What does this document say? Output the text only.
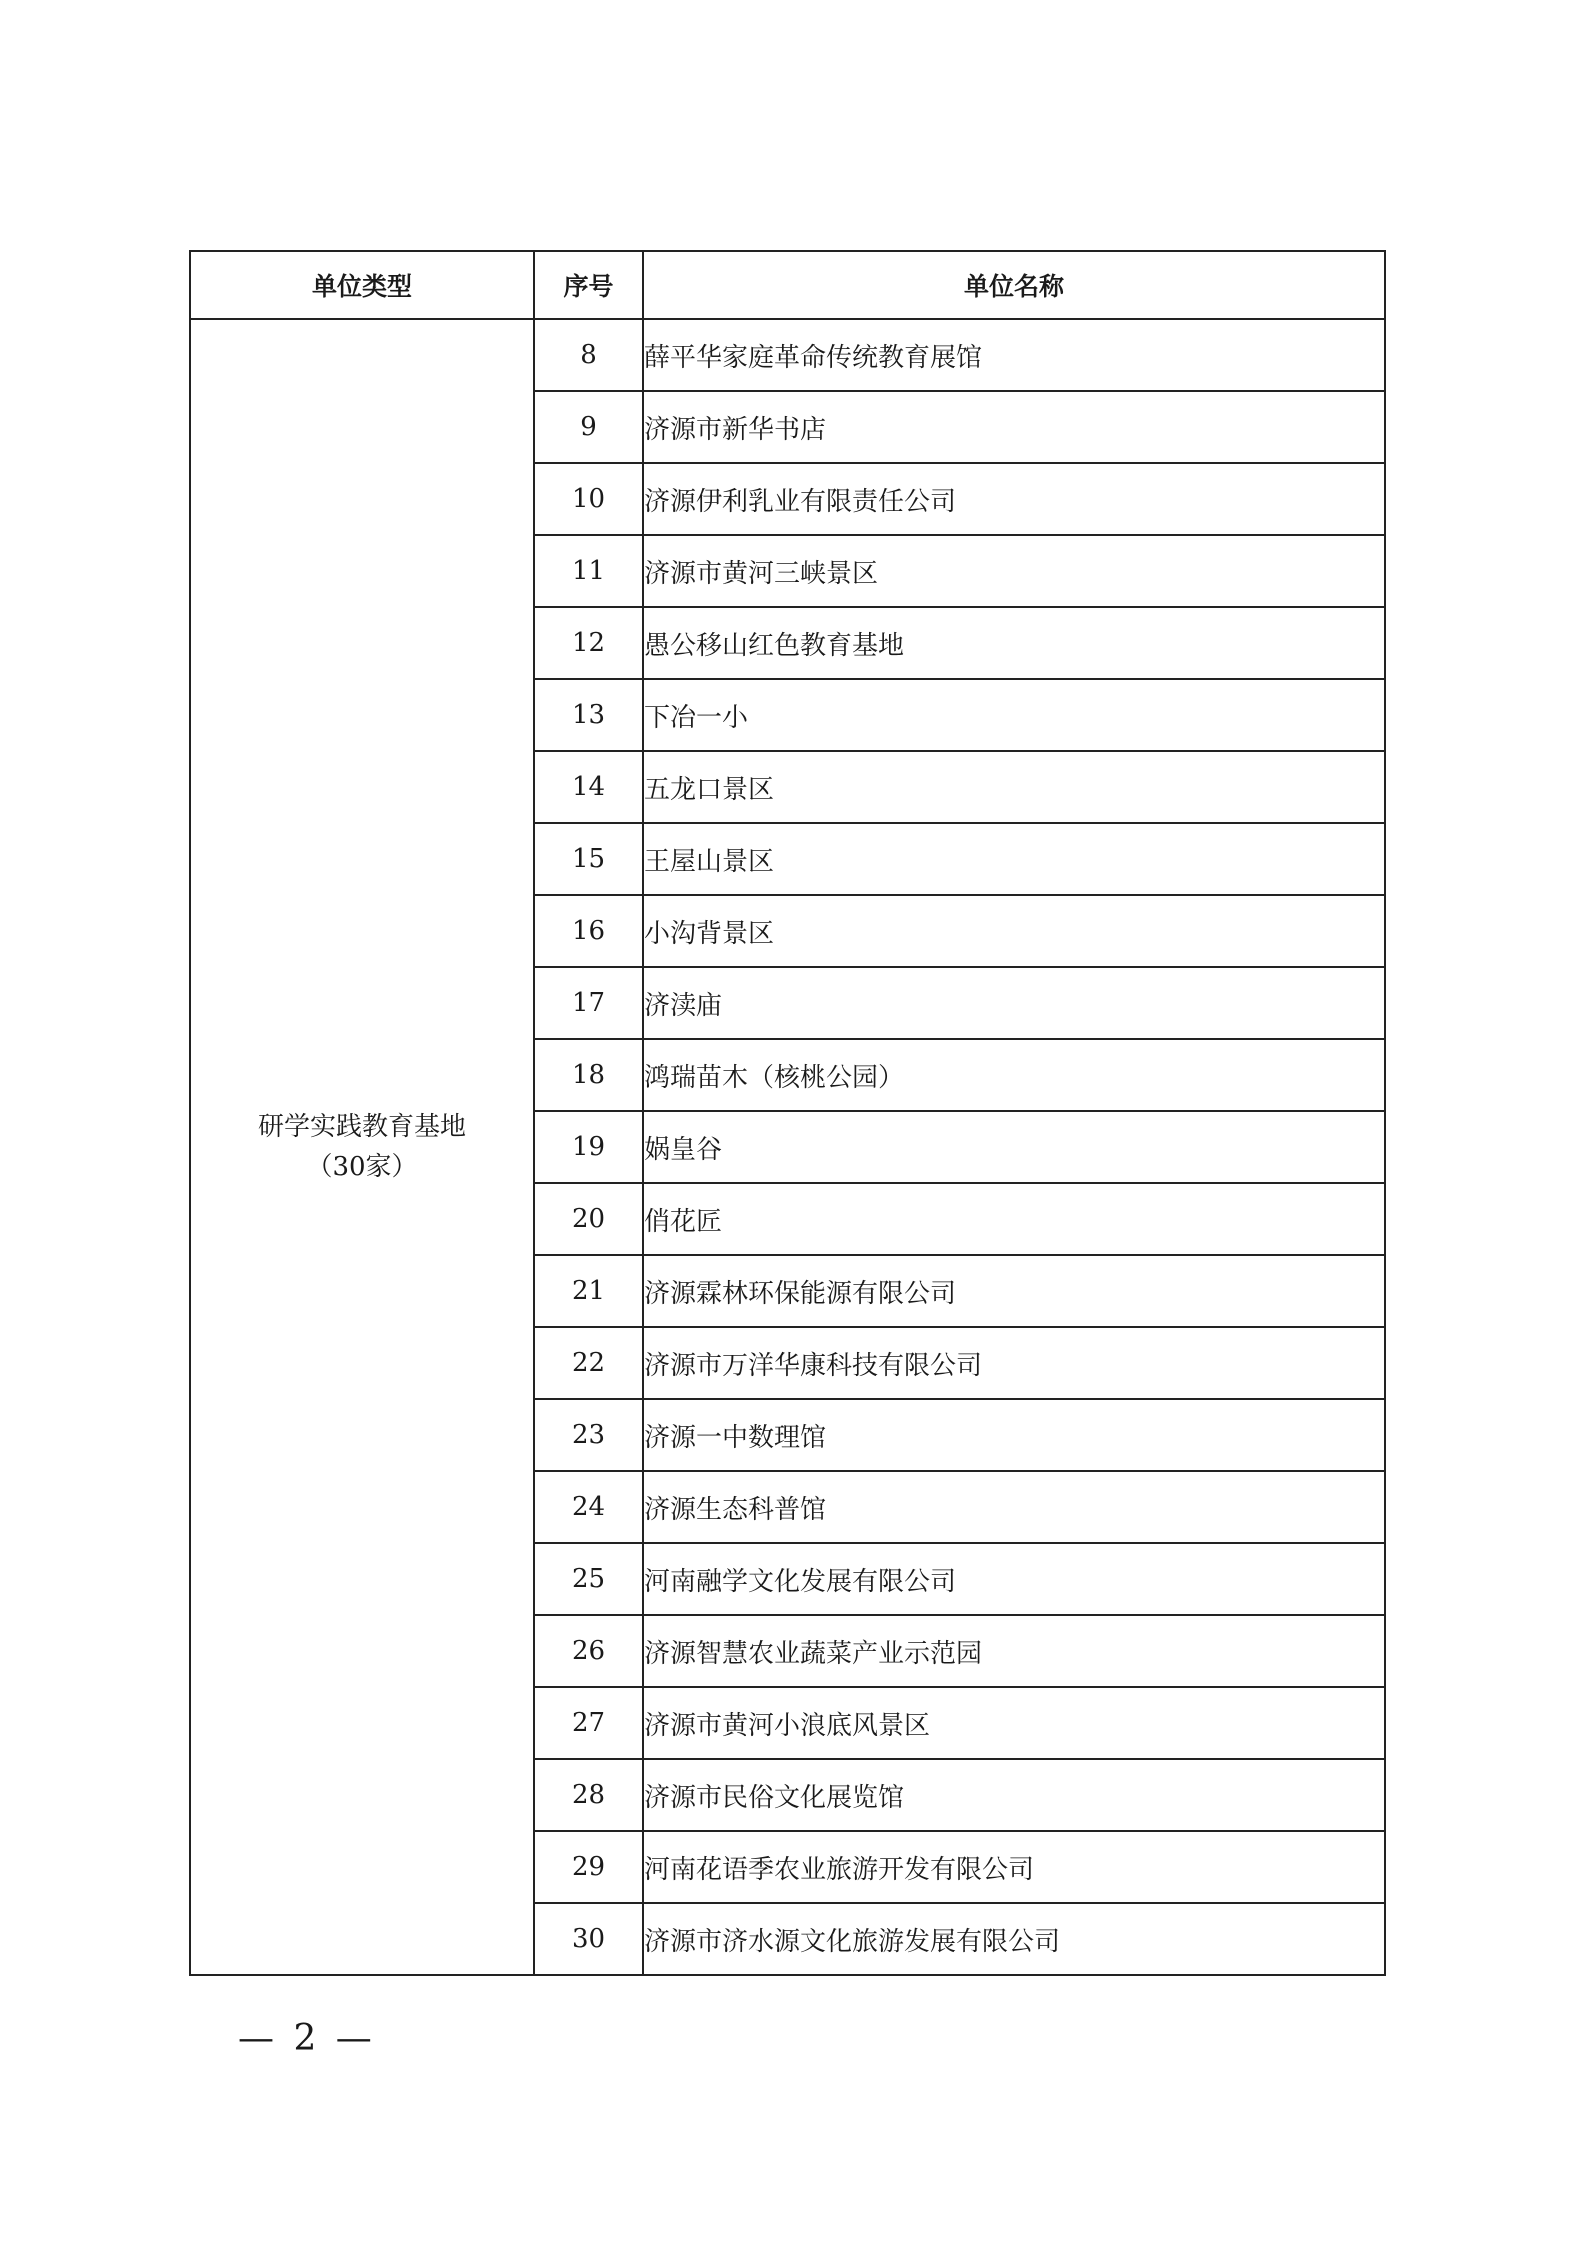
单位类型	序号	单位名称

研学实践教育基地
（30家）	8	薛平华家庭革命传统教育展馆
	9	济源市新华书店
	10	济源伊利乳业有限责任公司
	11	济源市黄河三峡景区
	12	愚公移山红色教育基地
	13	下冶一小
	14	五龙口景区
	15	王屋山景区
	16	小沟背景区
	17	济渎庙
	18	鸿瑞苗木（核桃公园）
	19	娲皇谷
	20	俏花匠
	21	济源霖林环保能源有限公司
	22	济源市万洋华康科技有限公司
	23	济源一中数理馆
	24	济源生态科普馆
	25	河南融学文化发展有限公司
	26	济源智慧农业蔬菜产业示范园
	27	济源市黄河小浪底风景区
	28	济源市民俗文化展览馆
	29	河南花语季农业旅游开发有限公司
	30	济源市济水源文化旅游发展有限公司
— 2 —
